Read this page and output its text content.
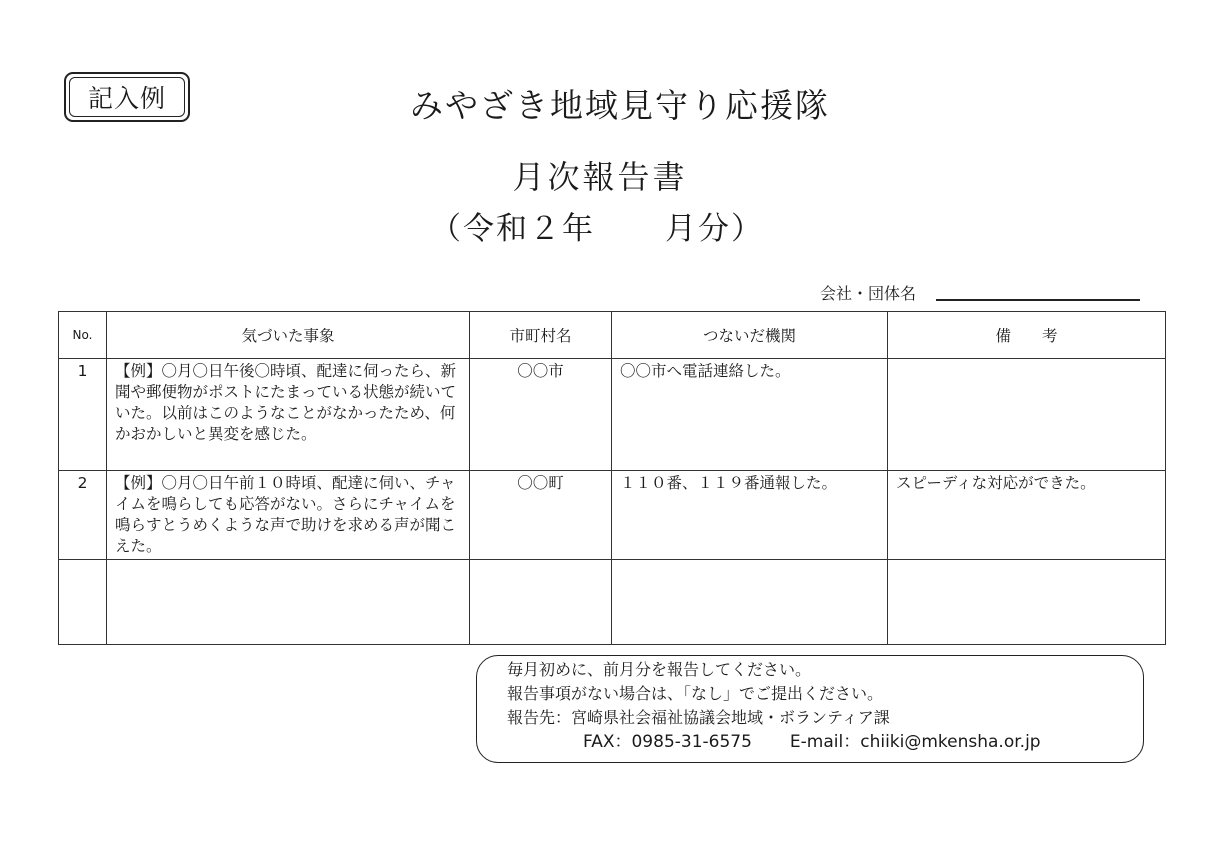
記入例	みやざき地域見守り応援隊
月次報告書
（令和２年 月分）
会社・団体名
No.	気づいた事象	市町村名	つないだ機関	備　　考
1	【例】〇月〇日午後〇時頃、配達に伺ったら、新聞や郵便物がポストにたまっている状態が続いていた。以前はこのようなことがなかったため、何かおかしいと異変を感じた。	〇〇市	〇〇市へ電話連絡した。	
2	【例】〇月〇日午前１０時頃、配達に伺い、チャイムを鳴らしても応答がない。さらにチャイムを鳴らすとうめくような声で助けを求める声が聞こえた。	〇〇町	１１０番、１１９番通報した。	スピーディな対応ができた。

毎月初めに、前月分を報告してください。
報告事項がない場合は、「なし」でご提出ください。
報告先：宮崎県社会福祉協議会地域・ボランティア課
FAX：0985-31-6575 E-mail：chiiki@mkensha.or.jp
